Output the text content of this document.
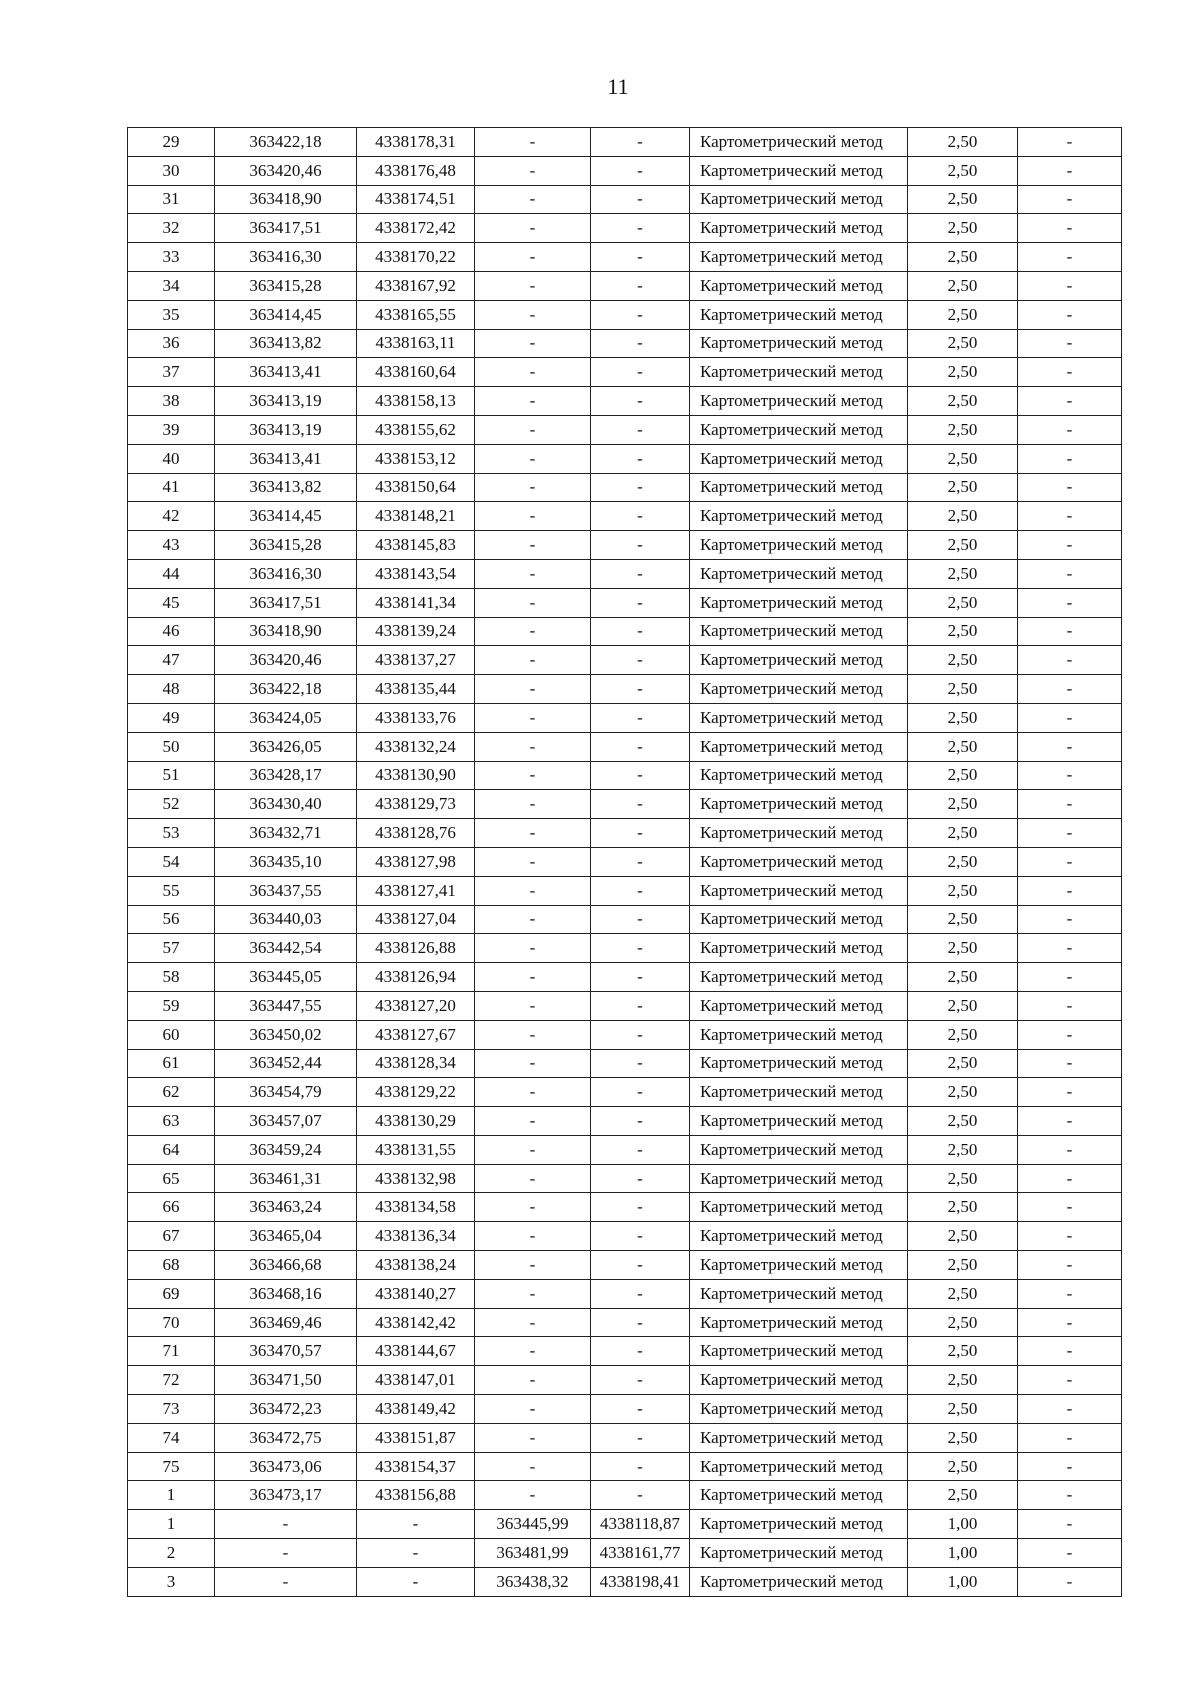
11
29	363422,18	4338178,31	-	-	Картометрический метод	2,50	-
30	363420,46	4338176,48	-	-	Картометрический метод	2,50	-
31	363418,90	4338174,51	-	-	Картометрический метод	2,50	-
32	363417,51	4338172,42	-	-	Картометрический метод	2,50	-
33	363416,30	4338170,22	-	-	Картометрический метод	2,50	-
34	363415,28	4338167,92	-	-	Картометрический метод	2,50	-
35	363414,45	4338165,55	-	-	Картометрический метод	2,50	-
36	363413,82	4338163,11	-	-	Картометрический метод	2,50	-
37	363413,41	4338160,64	-	-	Картометрический метод	2,50	-
38	363413,19	4338158,13	-	-	Картометрический метод	2,50	-
39	363413,19	4338155,62	-	-	Картометрический метод	2,50	-
40	363413,41	4338153,12	-	-	Картометрический метод	2,50	-
41	363413,82	4338150,64	-	-	Картометрический метод	2,50	-
42	363414,45	4338148,21	-	-	Картометрический метод	2,50	-
43	363415,28	4338145,83	-	-	Картометрический метод	2,50	-
44	363416,30	4338143,54	-	-	Картометрический метод	2,50	-
45	363417,51	4338141,34	-	-	Картометрический метод	2,50	-
46	363418,90	4338139,24	-	-	Картометрический метод	2,50	-
47	363420,46	4338137,27	-	-	Картометрический метод	2,50	-
48	363422,18	4338135,44	-	-	Картометрический метод	2,50	-
49	363424,05	4338133,76	-	-	Картометрический метод	2,50	-
50	363426,05	4338132,24	-	-	Картометрический метод	2,50	-
51	363428,17	4338130,90	-	-	Картометрический метод	2,50	-
52	363430,40	4338129,73	-	-	Картометрический метод	2,50	-
53	363432,71	4338128,76	-	-	Картометрический метод	2,50	-
54	363435,10	4338127,98	-	-	Картометрический метод	2,50	-
55	363437,55	4338127,41	-	-	Картометрический метод	2,50	-
56	363440,03	4338127,04	-	-	Картометрический метод	2,50	-
57	363442,54	4338126,88	-	-	Картометрический метод	2,50	-
58	363445,05	4338126,94	-	-	Картометрический метод	2,50	-
59	363447,55	4338127,20	-	-	Картометрический метод	2,50	-
60	363450,02	4338127,67	-	-	Картометрический метод	2,50	-
61	363452,44	4338128,34	-	-	Картометрический метод	2,50	-
62	363454,79	4338129,22	-	-	Картометрический метод	2,50	-
63	363457,07	4338130,29	-	-	Картометрический метод	2,50	-
64	363459,24	4338131,55	-	-	Картометрический метод	2,50	-
65	363461,31	4338132,98	-	-	Картометрический метод	2,50	-
66	363463,24	4338134,58	-	-	Картометрический метод	2,50	-
67	363465,04	4338136,34	-	-	Картометрический метод	2,50	-
68	363466,68	4338138,24	-	-	Картометрический метод	2,50	-
69	363468,16	4338140,27	-	-	Картометрический метод	2,50	-
70	363469,46	4338142,42	-	-	Картометрический метод	2,50	-
71	363470,57	4338144,67	-	-	Картометрический метод	2,50	-
72	363471,50	4338147,01	-	-	Картометрический метод	2,50	-
73	363472,23	4338149,42	-	-	Картометрический метод	2,50	-
74	363472,75	4338151,87	-	-	Картометрический метод	2,50	-
75	363473,06	4338154,37	-	-	Картометрический метод	2,50	-
1	363473,17	4338156,88	-	-	Картометрический метод	2,50	-
1	-	-	363445,99	4338118,87	Картометрический метод	1,00	-
2	-	-	363481,99	4338161,77	Картометрический метод	1,00	-
3	-	-	363438,32	4338198,41	Картометрический метод	1,00	-
